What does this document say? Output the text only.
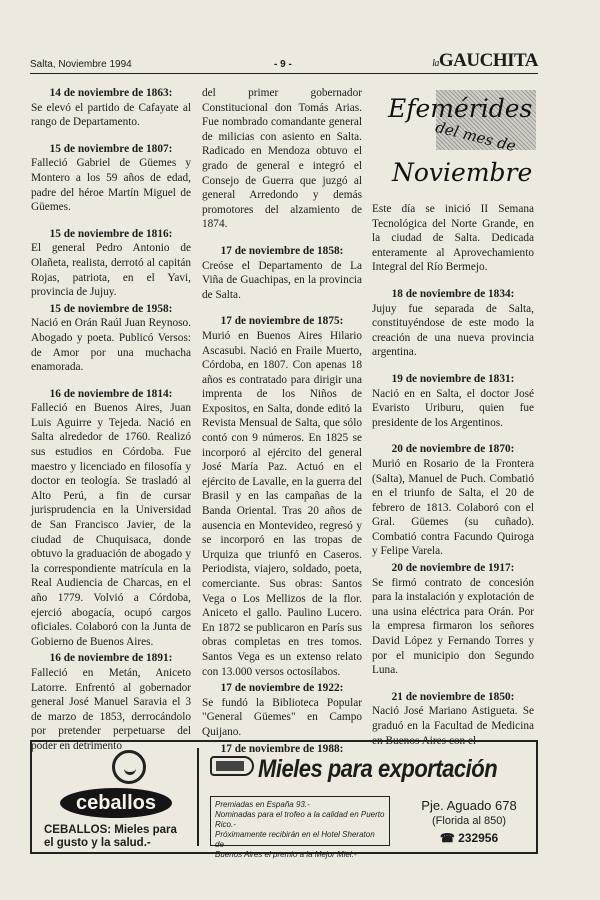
Salta, Noviembre 1994	- 9 -	laGAUCHITA
14 de noviembre de 1863:

Se elevó el partido de Cafayate al rango de Departamento.

15 de noviembre de 1807:

Falleció Gabriel de Güemes y Montero a los 59 años de edad, padre del héroe Martín Miguel de Güemes.

15 de noviembre de 1816:

El general Pedro Antonio de Olañeta, realista, derrotó al capitán Rojas, patriota, en el Yavi, provincia de Jujuy.

15 de noviembre de 1958:

Nació en Orán Raúl Juan Reynoso. Abogado y poeta. Publicó Versos: de Amor por una muchacha enamorada.

16 de noviembre de 1814:

Falleció en Buenos Aires, Juan Luis Aguirre y Tejeda. Nació en Salta alrededor de 1760. Realizó sus estudios en Córdoba. Fue maestro y licenciado en filosofía y doctor en teología. Se trasladó al Alto Perú, a fin de cursar jurisprudencia en la Universidad de San Francisco Javier, de la ciudad de Chuquisaca, donde obtuvo la graduación de abogado y la correspondiente matrícula en la Real Audiencia de Charcas, en el año 1779. Volvió a Córdoba, ejerció abogacía, ocupó cargos oficiales. Colaboró con la Junta de Gobierno de Buenos Aires.

16 de noviembre de 1891:

Falleció en Metán, Aniceto Latorre. Enfrentó al gobernador general José Manuel Saravia el 3 de marzo de 1853, derrocándolo por pretender perpetuarse del poder en detrimento

del primer gobernador Constitucional don Tomás Arias. Fue nombrado comandante general de milicias con asiento en Salta. Radicado en Mendoza obtuvo el grado de general e integró el Consejo de Guerra que juzgó al general Arredondo y demás promotores del alzamiento de 1874.

17 de noviembre de 1858:

Creóse el Departamento de La Viña de Guachipas, en la provincia de Salta.

17 de noviembre de 1875:

Murió en Buenos Aires Hilario Ascasubi. Nació en Fraile Muerto, Córdoba, en 1807. Con apenas 18 años es contratado para dirigir una imprenta de los Niños de Expositos, en Salta, donde editó la Revista Mensual de Salta, que sólo contó con 9 números. En 1825 se incorporó al ejército del general José María Paz. Actuó en el ejército de Lavalle, en la guerra del Brasil y en las campañas de la Banda Oriental. Tras 20 años de ausencia en Montevideo, regresó y se incorporó en las tropas de Urquiza que triunfó en Caseros. Periodista, viajero, soldado, poeta, comerciante. Sus obras: Santos Vega o Los Mellizos de la flor. Aniceto el gallo. Paulino Lucero. En 1872 se publicaron en París sus obras completas en tres tomos. Santos Vega es un extenso relato con 13.000 versos octosílabos.

17 de noviembre de 1922:

Se fundó la Biblioteca Popular "General Güemes" en Campo Quijano.

17 de noviembre de 1988:
Efemérides
del mes de
Noviembre

Este día se inició II Semana Tecnológica del Norte Grande, en la ciudad de Salta. Dedicada enteramente al Aprovechamiento Integral del Río Bermejo.

18 de noviembre de 1834:

Jujuy fue separada de Salta, constituyéndose de este modo la creación de una nueva provincia argentina.

19 de noviembre de 1831:

Nació en en Salta, el doctor José Evaristo Uriburu, quien fue presidente de los Argentinos.

20 de noviembre de 1870:

Murió en Rosario de la Frontera (Salta), Manuel de Puch. Combatió en el triunfo de Salta, el 20 de febrero de 1813. Colaboró con el Gral. Güemes (su cuñado). Combatió contra Facundo Quiroga y Felipe Varela.

20 de noviembre de 1917:

Se firmó contrato de concesión para la instalación y explotación de una usina eléctrica para Orán. Por la empresa firmaron los señores David López y Fernando Torres y por el municipio don Segundo Luna.

21 de noviembre de 1850:

Nació José Mariano Astigueta. Se graduó en la Facultad de Medicina en Buenos Aires con el

ceballos
CEBALLOS: Mieles para
el gusto y la salud.-
Mieles para exportación

Premiadas en España 93.-

Nominadas para el trofeo a la calidad en Puerto Rico.-

Próximamente recibirán en el Hotel Sheraton de

Buenos Aires el premio a la Mejor Miel.-

Pje. Aguado 678
(Florida al 850)
☎ 232956
